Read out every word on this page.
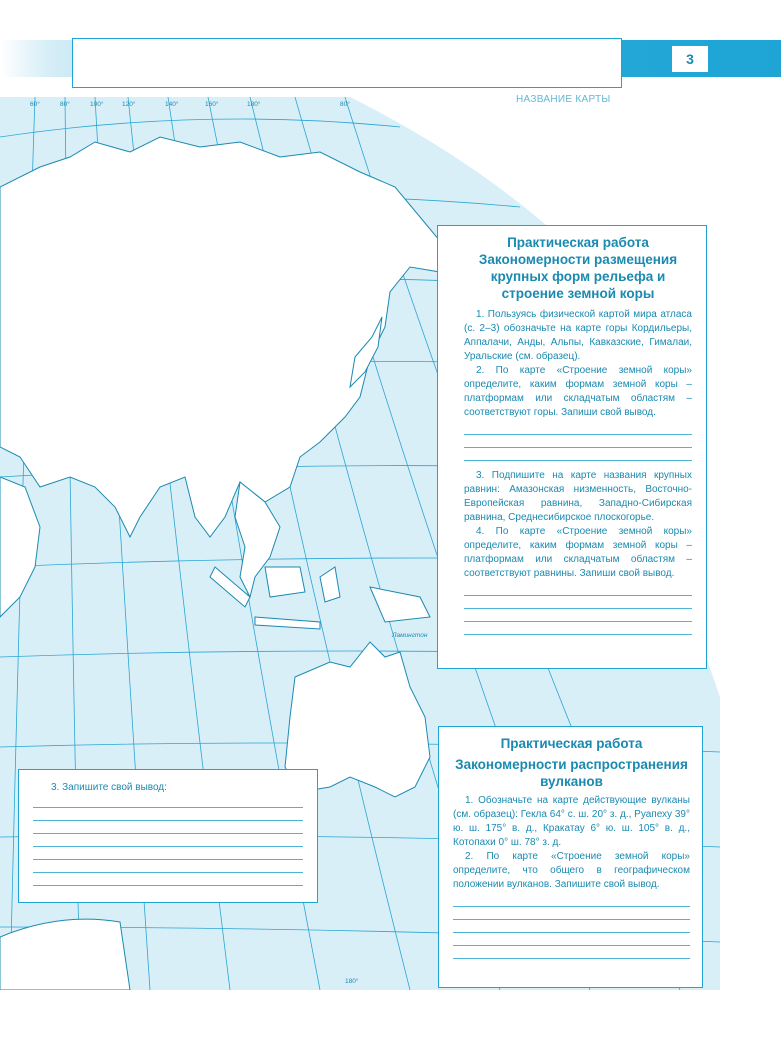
3
НАЗВАНИЕ КАРТЫ
60°	80°	100°	120°	140°	160°	180°	80°
180°
Ламингтон
Практическая работа
Закономерности размещения крупных форм рельефа и строение земной коры

1. Пользуясь физической картой мира атласа (с. 2–3) обозначьте на карте горы Кордильеры, Аппалачи, Анды, Альпы, Кавказские, Гималаи, Уральские (см. образец).

2. По карте «Строение земной коры» определите, каким формам земной коры – платформам или складчатым областям – соответствуют горы. Запиши свой вывод.

3. Подпишите на карте названия крупных равнин: Амазонская низменность, Восточно-Европейская равнина, Западно-Сибирская равнина, Среднесибирское плоскогорье.

4. По карте «Строение земной коры» определите, каким формам земной коры – платформам или складчатым областям – соответствуют равнины. Запиши свой вывод.

Практическая работа
Закономерности распространения вулканов

1. Обозначьте на карте действующие вулканы (см. образец): Гекла 64° с. ш. 20° з. д., Руапеху 39° ю. ш. 175° в. д., Кракатау 6° ю. ш. 105° в. д., Котопахи 0° ш. 78° з. д.

2. По карте «Строение земной коры» определите, что общего в географическом положении вулканов. Запишите свой вывод.

3. Запишите свой вывод:
